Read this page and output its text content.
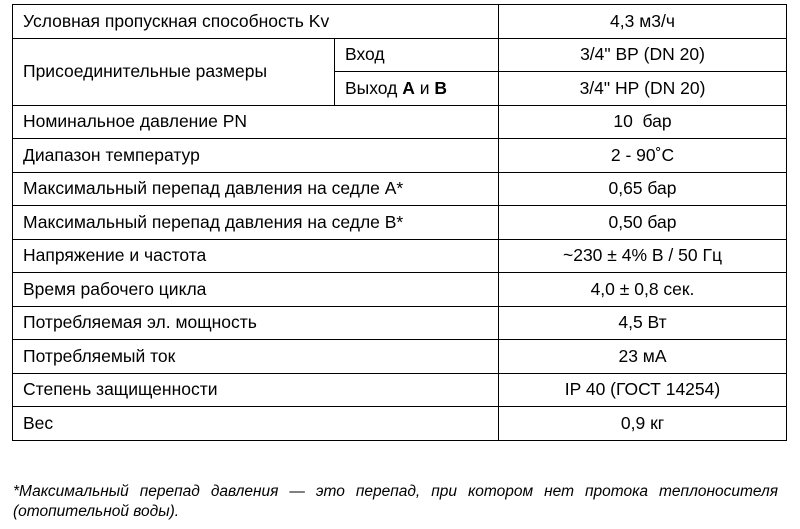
Условная пропускная способность Kv		4,3 м3/ч
Присоединительные размеры	Вход	3/4" ВР (DN 20)
	Выход А и В	3/4" НР (DN 20)
Номинальное давление PN		10  бар
Диапазон температур		2 - 90˚С
Максимальный перепад давления на седле А*		0,65 бар
Максимальный перепад давления на седле В*		0,50 бар
Напряжение и частота		~230 ± 4% В / 50 Гц
Время рабочего цикла		4,0 ± 0,8 сек.
Потребляемая эл. мощность		4,5 Вт
Потребляемый ток		23 мА
Степень защищенности		IP 40 (ГОСТ 14254)
Вес		0,9 кг
*Максимальный перепад давления — это перепад, при котором нет протока теплоносителя (отопительной воды).
